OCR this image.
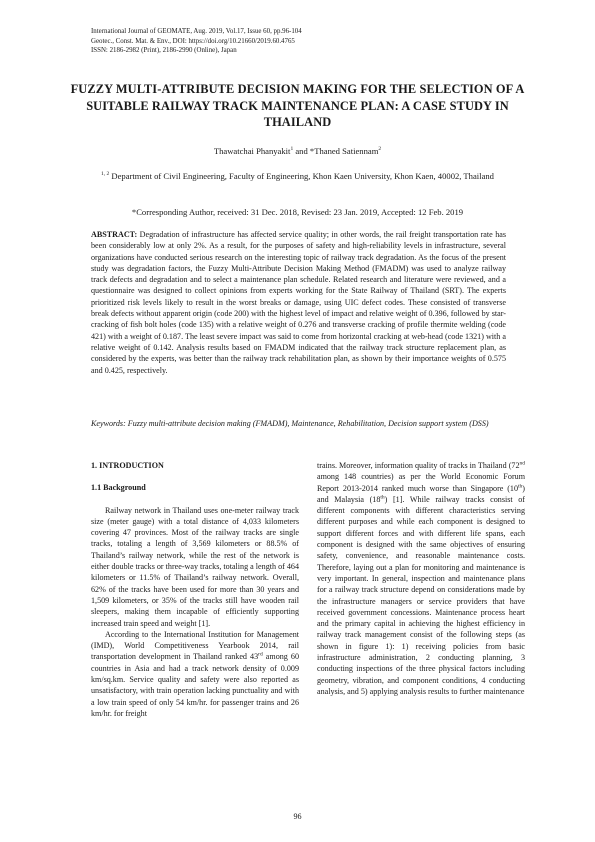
International Journal of GEOMATE, Aug. 2019, Vol.17, Issue 60, pp.96-104
Geotec., Const. Mat. & Env., DOI: https://doi.org/10.21660/2019.60.4765
ISSN: 2186-2982 (Print), 2186-2990 (Online), Japan
FUZZY MULTI-ATTRIBUTE DECISION MAKING FOR THE SELECTION OF A SUITABLE RAILWAY TRACK MAINTENANCE PLAN: A CASE STUDY IN THAILAND
Thawatchai Phanyakit$^1$ and *Thaned Satiennam$^2$
$^{1, 2}$ Department of Civil Engineering, Faculty of Engineering, Khon Kaen University, Khon Kaen, 40002, Thailand
*Corresponding Author, received: 31 Dec. 2018, Revised: 23 Jan. 2019, Accepted: 12 Feb. 2019
ABSTRACT: Degradation of infrastructure has affected service quality; in other words, the rail freight transportation rate has been considerably low at only 2%. As a result, for the purposes of safety and high-reliability levels in infrastructure, several organizations have conducted serious research on the interesting topic of railway track degradation. As the focus of the present study was degradation factors, the Fuzzy Multi-Attribute Decision Making Method (FMADM) was used to analyze railway track defects and degradation and to select a maintenance plan schedule. Related research and literature were reviewed, and a questionnaire was designed to collect opinions from experts working for the State Railway of Thailand (SRT). The experts prioritized risk levels likely to result in the worst breaks or damage, using UIC defect codes. These consisted of transverse break defects without apparent origin (code 200) with the highest level of impact and relative weight of 0.396, followed by star-cracking of fish bolt holes (code 135) with a relative weight of 0.276 and transverse cracking of profile thermite welding (code 421) with a weight of 0.187. The least severe impact was said to come from horizontal cracking at web-head (code 1321) with a relative weight of 0.142. Analysis results based on FMADM indicated that the railway track structure replacement plan, as considered by the experts, was better than the railway track rehabilitation plan, as shown by their importance weights of 0.575 and 0.425, respectively.
Keywords: Fuzzy multi-attribute decision making (FMADM), Maintenance, Rehabilitation, Decision support system (DSS)
1. INTRODUCTION
1.1 Background

Railway network in Thailand uses one-meter railway track size (meter gauge) with a total distance of 4,033 kilometers covering 47 provinces. Most of the railway tracks are single tracks, totaling a length of 3,569 kilometers or 88.5% of Thailand’s railway network, while the rest of the network is either double tracks or three-way tracks, totaling a length of 464 kilometers or 11.5% of Thailand’s railway network. Overall, 62% of the tracks have been used for more than 30 years and 1,509 kilometers, or 35% of the tracks still have wooden rail sleepers, making them incapable of efficiently supporting increased train speed and weight [1].

According to the International Institution for Management (IMD), World Competitiveness Yearbook 2014, rail transportation development in Thailand ranked 43rd among 60 countries in Asia and had a track network density of 0.009 km/sq.km. Service quality and safety were also reported as unsatisfactory, with train operation lacking punctuality and with a low train speed of only 54 km/hr. for passenger trains and 26 km/hr. for freight

trains. Moreover, information quality of tracks in Thailand (72nd among 148 countries) as per the World Economic Forum Report 2013-2014 ranked much worse than Singapore (10th) and Malaysia (18th) [1]. While railway tracks consist of different components with different characteristics serving different purposes and while each component is designed to support different forces and with different life spans, each component is designed with the same objectives of ensuring safety, convenience, and reasonable maintenance costs. Therefore, laying out a plan for monitoring and maintenance is very important. In general, inspection and maintenance plans for a railway track structure depend on considerations made by the infrastructure managers or service providers that have received government concessions. Maintenance process heart and the primary capital in achieving the highest efficiency in railway track management consist of the following steps (as shown in figure 1): 1) receiving policies from basic infrastructure administration, 2 conducting planning, 3 conducting inspections of the three physical factors including geometry, vibration, and component conditions, 4 conducting analysis, and 5) applying analysis results to further maintenance

96
